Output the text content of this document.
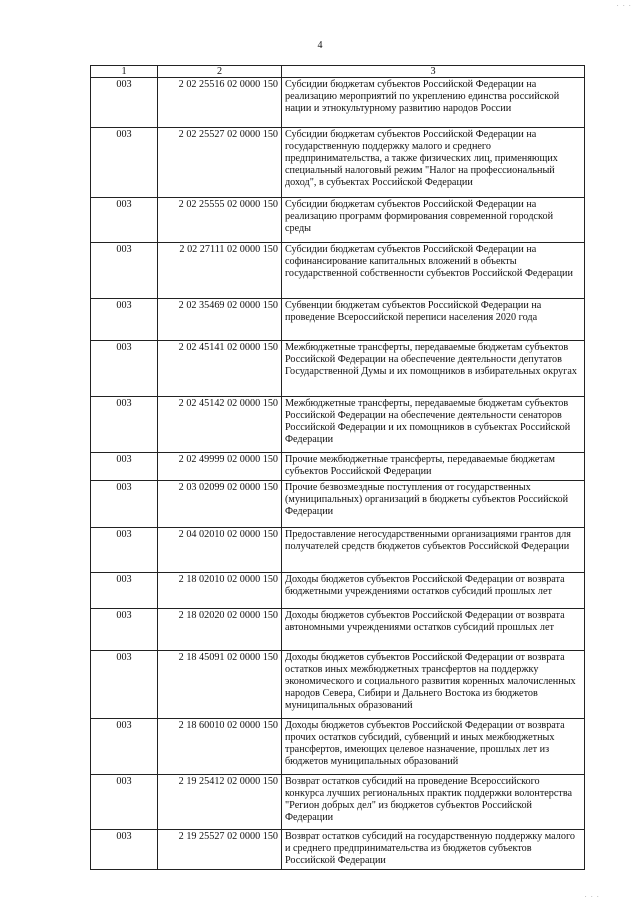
· · ·
4
1	2	3
003	2 02 25516 02 0000 150	Субсидии бюджетам субъектов Российской Федерации на реализацию мероприятий по укреплению единства российской нации и этнокультурному развитию народов России
003	2 02 25527 02 0000 150	Субсидии бюджетам субъектов Российской Федерации на государственную поддержку малого и среднего предпринимательства, а также физических лиц, применяющих специальный налоговый режим "Налог на профессиональный доход", в субъектах Российской Федерации
003	2 02 25555 02 0000 150	Субсидии бюджетам субъектов Российской Федерации на реализацию программ формирования современной городской среды
003	2 02 27111 02 0000 150	Субсидии бюджетам субъектов Российской Федерации на софинансирование капитальных вложений в объекты государственной собственности субъектов Российской Федерации
003	2 02 35469 02 0000 150	Субвенции бюджетам субъектов Российской Федерации на проведение Всероссийской переписи населения 2020 года
003	2 02 45141 02 0000 150	Межбюджетные трансферты, передаваемые бюджетам субъектов Российской Федерации на обеспечение деятельности депутатов Государственной Думы и их помощников в избирательных округах
003	2 02 45142 02 0000 150	Межбюджетные трансферты, передаваемые бюджетам субъектов Российской Федерации на обеспечение деятельности сенаторов Российской Федерации и их помощников в субъектах Российской Федерации
003	2 02 49999 02 0000 150	Прочие межбюджетные трансферты, передаваемые бюджетам субъектов Российской Федерации
003	2 03 02099 02 0000 150	Прочие безвозмездные поступления от государственных (муниципальных) организаций в бюджеты субъектов Российской Федерации
003	2 04 02010 02 0000 150	Предоставление негосударственными организациями грантов для получателей средств бюджетов субъектов Российской Федерации
003	2 18 02010 02 0000 150	Доходы бюджетов субъектов Российской Федерации от возврата бюджетными учреждениями остатков субсидий прошлых лет
003	2 18 02020 02 0000 150	Доходы бюджетов субъектов Российской Федерации от возврата автономными учреждениями остатков субсидий прошлых лет
003	2 18 45091 02 0000 150	Доходы бюджетов субъектов Российской Федерации от возврата остатков иных межбюджетных трансфертов на поддержку экономического и социального развития коренных малочисленных народов Севера, Сибири и Дальнего Востока из бюджетов муниципальных образований
003	2 18 60010 02 0000 150	Доходы бюджетов субъектов Российской Федерации от возврата прочих остатков субсидий, субвенций и иных межбюджетных трансфертов, имеющих целевое назначение, прошлых лет из бюджетов муниципальных образований
003	2 19 25412 02 0000 150	Возврат остатков субсидий на проведение Всероссийского конкурса лучших региональных практик поддержки волонтерства "Регион добрых дел" из бюджетов субъектов Российской Федерации
003	2 19 25527 02 0000 150	Возврат остатков субсидий на государственную поддержку малого и среднего предпринимательства из бюджетов субъектов Российской Федерации
· · ·
